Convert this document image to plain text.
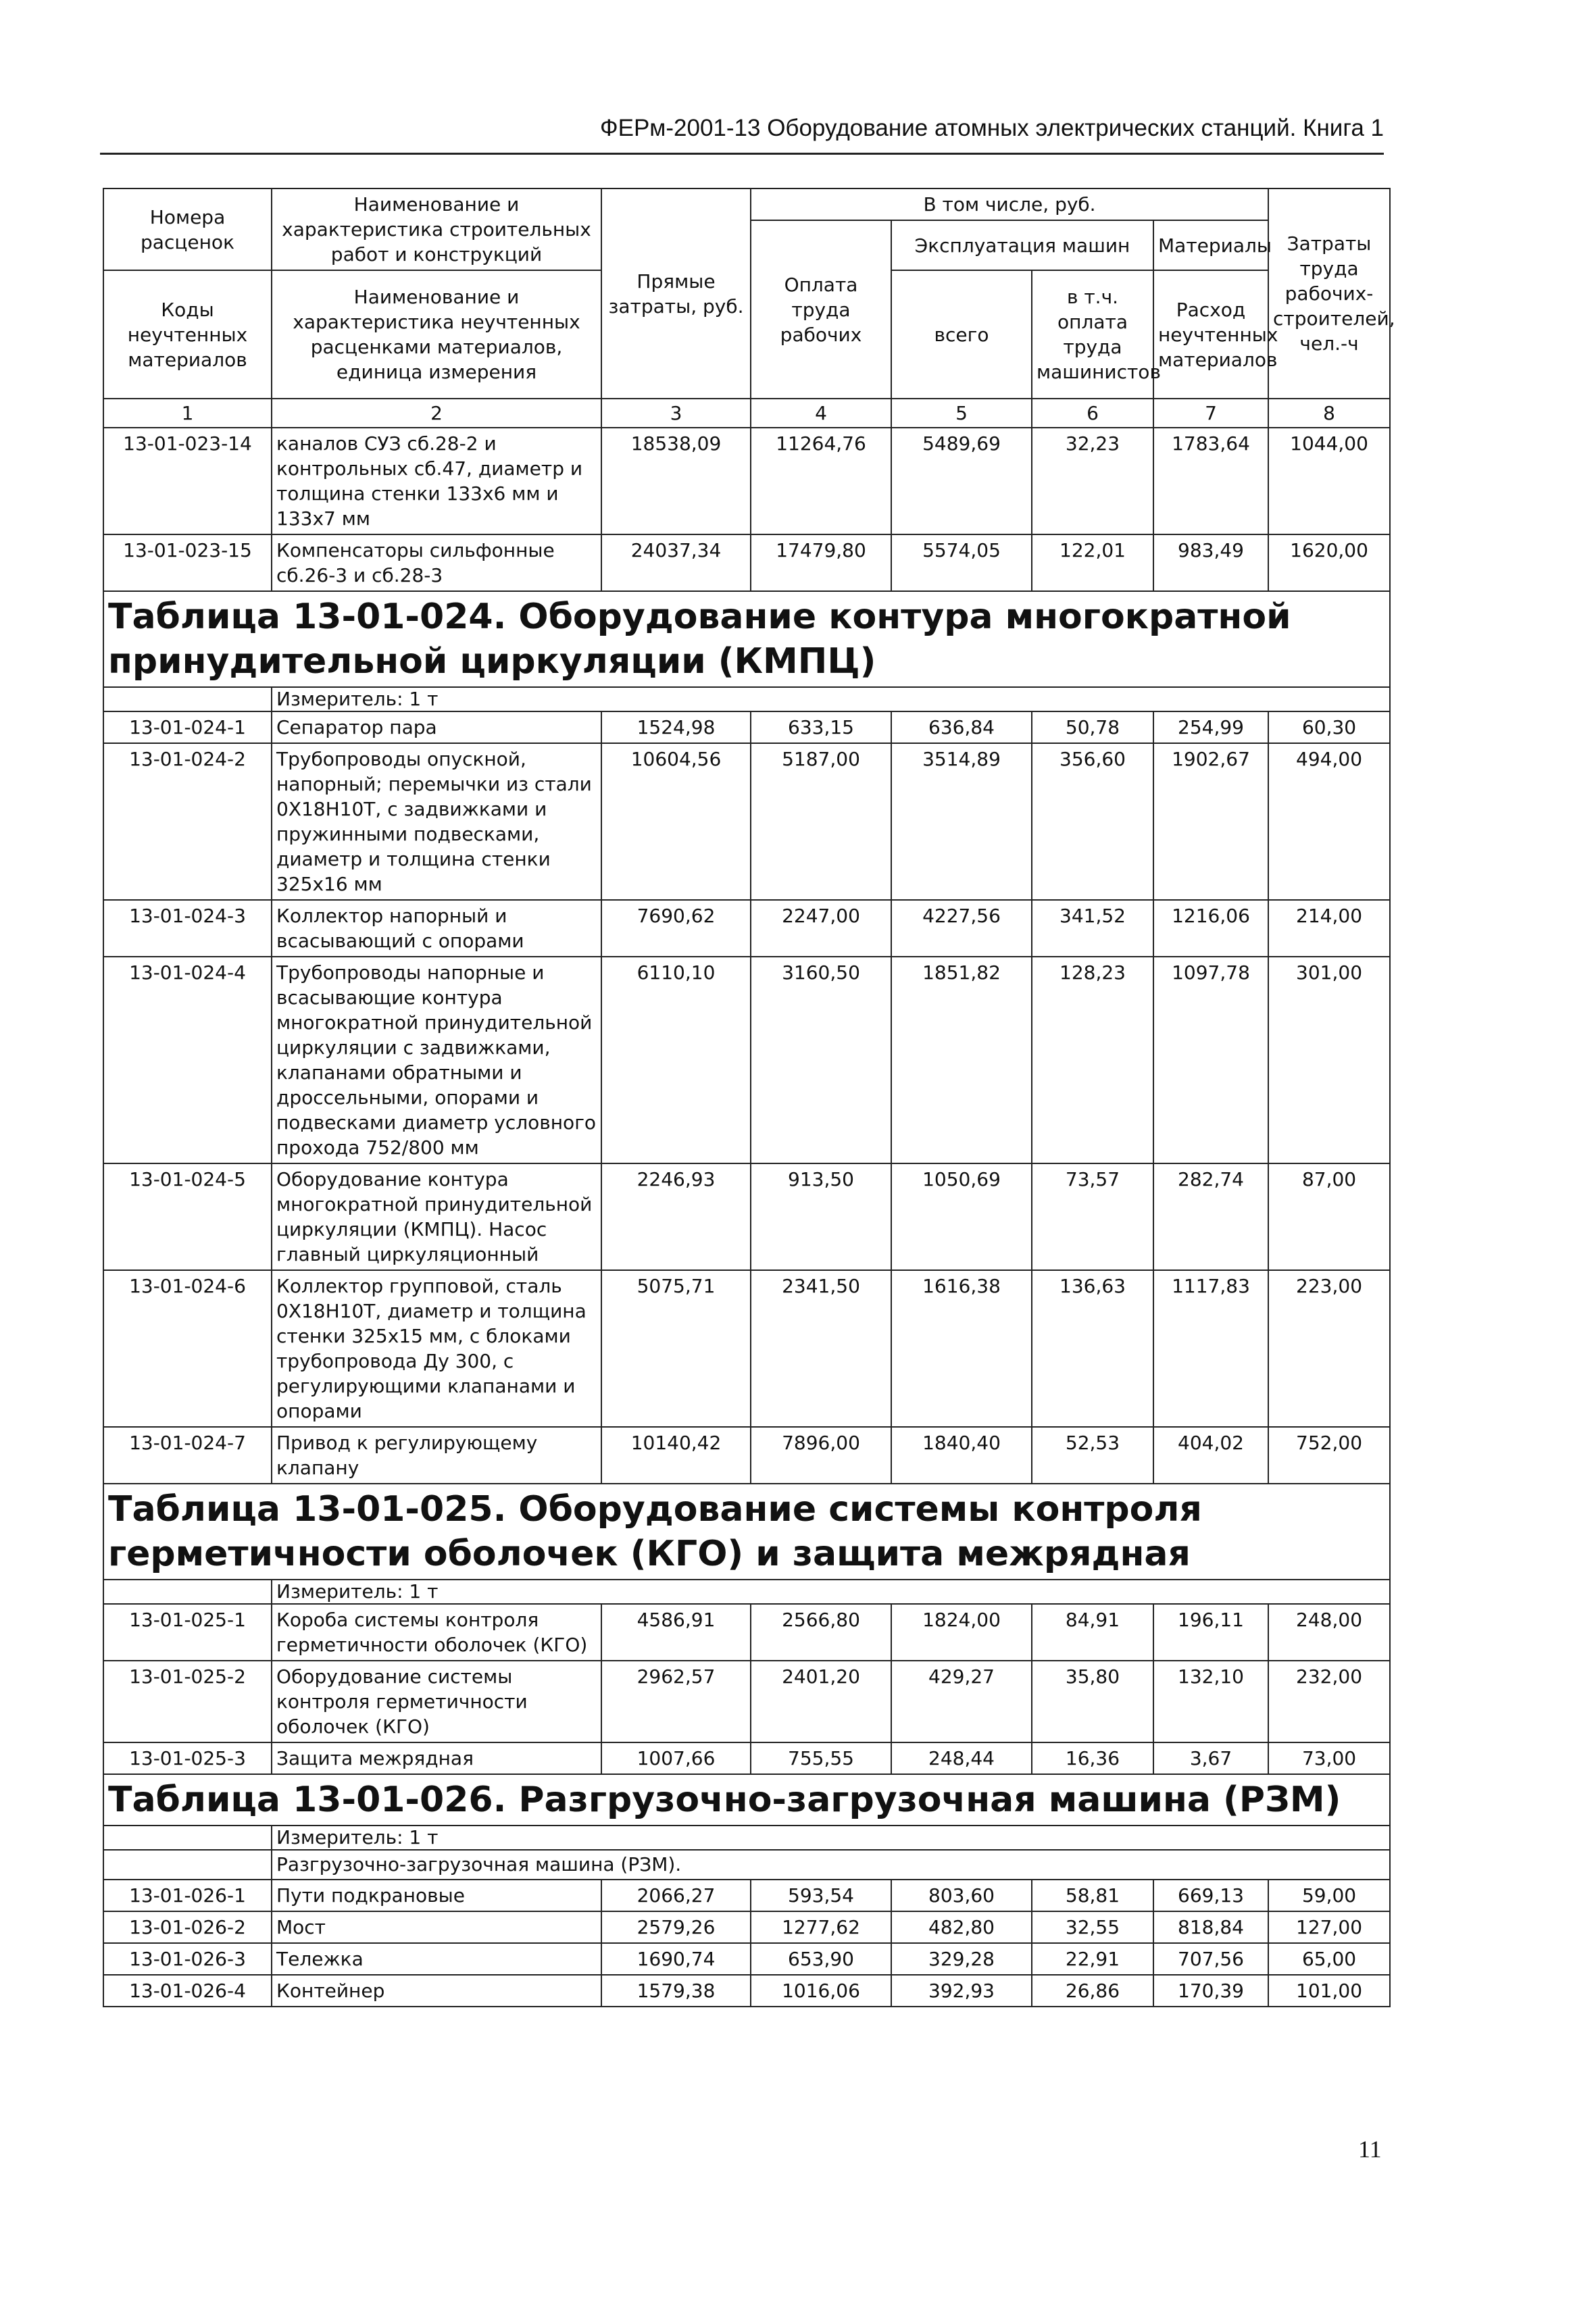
ФЕРм-2001-13 Оборудование атомных электрических станций. Книга 1
Номера расценок	Наименование и характеристика строительных работ и конструкций	Прямые затраты, руб.	В том числе, руб.				Затраты труда рабочих-строителей, чел.-ч
			Оплата труда рабочих	Эксплуатация машин		Материалы	
Коды неучтенных материалов	Наименование и характеристика неучтенных расценками материалов, единица измерения			всего	в т.ч. оплата труда машинистов	Расход неучтенных материалов	

1	2	3	4	5	6	7	8
13-01-023-14	каналов СУЗ сб.28-2 и контрольных сб.47, диаметр и толщина стенки 133х6 мм и 133х7 мм	18538,09	11264,76	5489,69	32,23	1783,64	1044,00
13-01-023-15	Компенсаторы сильфонные сб.26-3 и сб.28-3	24037,34	17479,80	5574,05	122,01	983,49	1620,00
Таблица 13-01-024. Оборудование контура многократной принудительной циркуляции (КМПЦ)							
	Измеритель: 1 т						
13-01-024-1	Сепаратор пара	1524,98	633,15	636,84	50,78	254,99	60,30
13-01-024-2	Трубопроводы опускной, напорный; перемычки из стали 0Х18Н10Т, с задвижками и пружинными подвесками, диаметр и толщина стенки 325х16 мм	10604,56	5187,00	3514,89	356,60	1902,67	494,00
13-01-024-3	Коллектор напорный и всасывающий с опорами	7690,62	2247,00	4227,56	341,52	1216,06	214,00
13-01-024-4	Трубопроводы напорные и всасывающие контура многократной принудительной циркуляции с задвижками, клапанами обратными и дроссельными, опорами и подвесками диаметр условного прохода 752/800 мм	6110,10	3160,50	1851,82	128,23	1097,78	301,00
13-01-024-5	Оборудование контура многократной принудительной циркуляции (КМПЦ). Насос главный циркуляционный	2246,93	913,50	1050,69	73,57	282,74	87,00
13-01-024-6	Коллектор групповой, сталь 0Х18Н10Т, диаметр и толщина стенки 325х15 мм, с блоками трубопровода Ду 300, с регулирующими клапанами и опорами	5075,71	2341,50	1616,38	136,63	1117,83	223,00
13-01-024-7	Привод к регулирующему клапану	10140,42	7896,00	1840,40	52,53	404,02	752,00
Таблица 13-01-025. Оборудование системы контроля герметичности оболочек (КГО) и защита межрядная							
	Измеритель: 1 т						
13-01-025-1	Короба системы контроля герметичности оболочек (КГО)	4586,91	2566,80	1824,00	84,91	196,11	248,00
13-01-025-2	Оборудование системы контроля герметичности оболочек (КГО)	2962,57	2401,20	429,27	35,80	132,10	232,00
13-01-025-3	Защита межрядная	1007,66	755,55	248,44	16,36	3,67	73,00
Таблица 13-01-026. Разгрузочно-загрузочная машина (РЗМ)							
	Измеритель: 1 т						
	Разгрузочно-загрузочная машина (РЗМ).						
13-01-026-1	Пути подкрановые	2066,27	593,54	803,60	58,81	669,13	59,00
13-01-026-2	Мост	2579,26	1277,62	482,80	32,55	818,84	127,00
13-01-026-3	Тележка	1690,74	653,90	329,28	22,91	707,56	65,00
13-01-026-4	Контейнер	1579,38	1016,06	392,93	26,86	170,39	101,00
11
